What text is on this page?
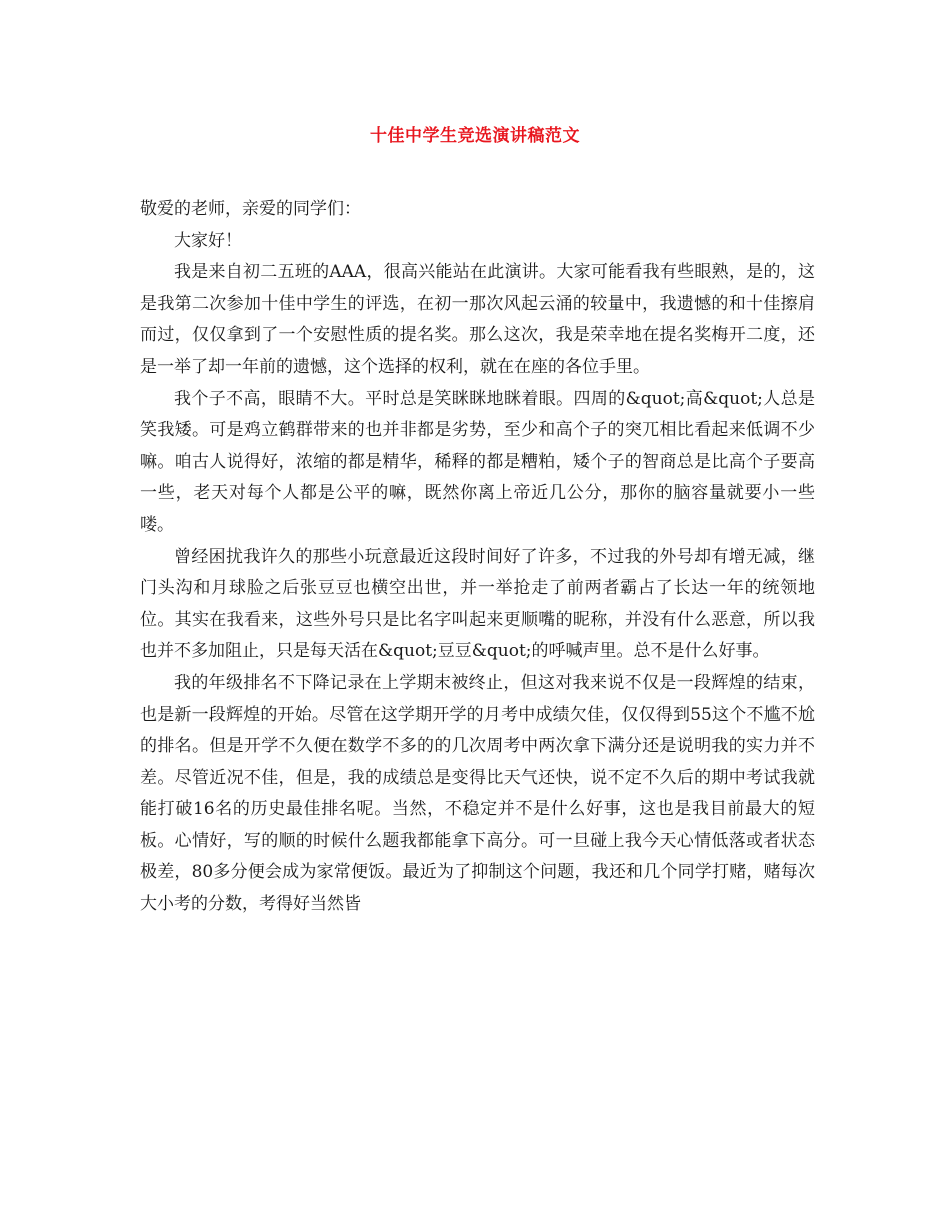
十佳中学生竞选演讲稿范文

敬爱的老师，亲爱的同学们：

大家好！

我是来自初二五班的AAA，很高兴能站在此演讲。大家可能看我有些眼熟，是的，这是我第二次参加十佳中学生的评选，在初一那次风起云涌的较量中，我遗憾的和十佳擦肩而过，仅仅拿到了一个安慰性质的提名奖。那么这次，我是荣幸地在提名奖梅开二度，还是一举了却一年前的遗憾，这个选择的权利，就在在座的各位手里。

我个子不高，眼睛不大。平时总是笑眯眯地眯着眼。四周的&quot;高&quot;人总是笑我矮。可是鸡立鹤群带来的也并非都是劣势，至少和高个子的突兀相比看起来低调不少嘛。咱古人说得好，浓缩的都是精华，稀释的都是糟粕，矮个子的智商总是比高个子要高一些，老天对每个人都是公平的嘛，既然你离上帝近几公分，那你的脑容量就要小一些喽。

曾经困扰我许久的那些小玩意最近这段时间好了许多，不过我的外号却有增无减，继门头沟和月球脸之后张豆豆也横空出世，并一举抢走了前两者霸占了长达一年的统领地位。其实在我看来，这些外号只是比名字叫起来更顺嘴的昵称，并没有什么恶意，所以我也并不多加阻止，只是每天活在&quot;豆豆&quot;的呼喊声里。总不是什么好事。

我的年级排名不下降记录在上学期末被终止，但这对我来说不仅是一段辉煌的结束，也是新一段辉煌的开始。尽管在这学期开学的月考中成绩欠佳，仅仅得到55这个不尴不尬的排名。但是开学不久便在数学不多的的几次周考中两次拿下满分还是说明我的实力并不差。尽管近况不佳，但是，我的成绩总是变得比天气还快，说不定不久后的期中考试我就能打破16名的历史最佳排名呢。当然，不稳定并不是什么好事，这也是我目前最大的短板。心情好，写的顺的时候什么题我都能拿下高分。可一旦碰上我今天心情低落或者状态极差，80多分便会成为家常便饭。最近为了抑制这个问题，我还和几个同学打赌，赌每次大小考的分数，考得好当然皆
